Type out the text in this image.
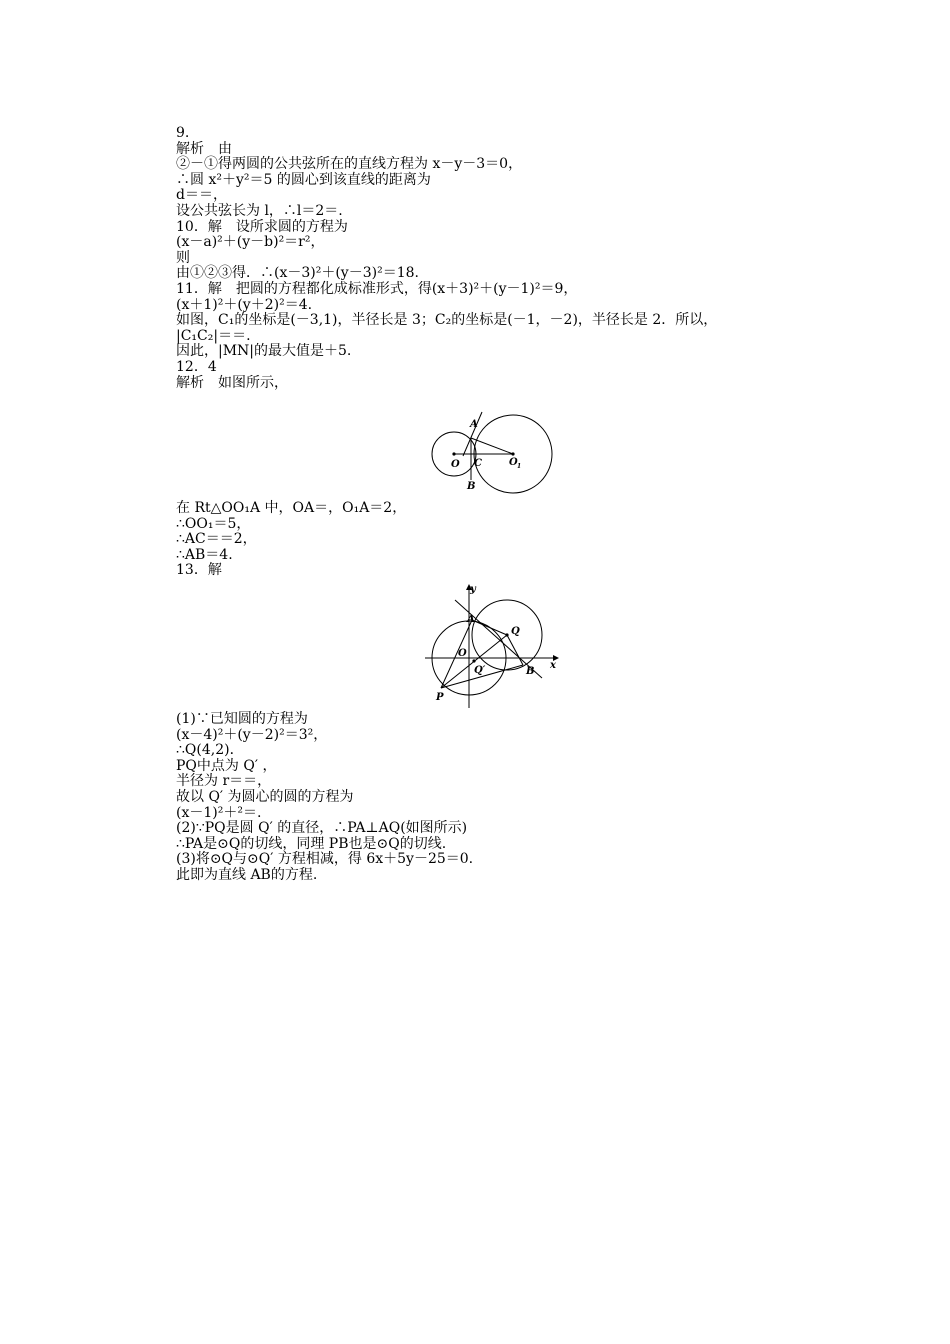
9.
解析　由
②－①得两圆的公共弦所在的直线方程为 x－y－3＝0，
∴圆 x²＋y²＝5 的圆心到该直线的距离为
d＝＝，
设公共弦长为 l，∴l＝2＝.
10．解　设所求圆的方程为
(x－a)²＋(y－b)²＝r²，
则
由①②③得．∴(x－3)²＋(y－3)²＝18.
11．解　把圆的方程都化成标准形式，得(x＋3)²＋(y－1)²＝9，
(x＋1)²＋(y＋2)²＝4.
如图，C₁的坐标是(－3,1)，半径长是 3；C₂的坐标是(－1，－2)，半径长是 2．所以，
|C₁C₂|＝＝.
因此，|MN|的最大值是＋5.
12．4
解析　如图所示，
A
O C	O 1
B
在 Rt△OO₁A 中，OA＝，O₁A＝2，
∴OO₁＝5，
∴AC＝＝2，
∴AB＝4.
13．解
y
x
A
Q
O
Q′	B
P
(1)∵已知圆的方程为
(x－4)²＋(y－2)²＝3²，
∴Q(4,2)．
PQ中点为 Q′ ，
半径为 r＝＝，
故以 Q′ 为圆心的圆的方程为
(x－1)²＋²＝.
(2)∵PQ是圆 Q′ 的直径，∴PA⊥AQ(如图所示)
∴PA是⊙Q的切线，同理 PB也是⊙Q的切线.
(3)将⊙Q与⊙Q′ 方程相减，得 6x＋5y－25＝0.
此即为直线 AB的方程.
